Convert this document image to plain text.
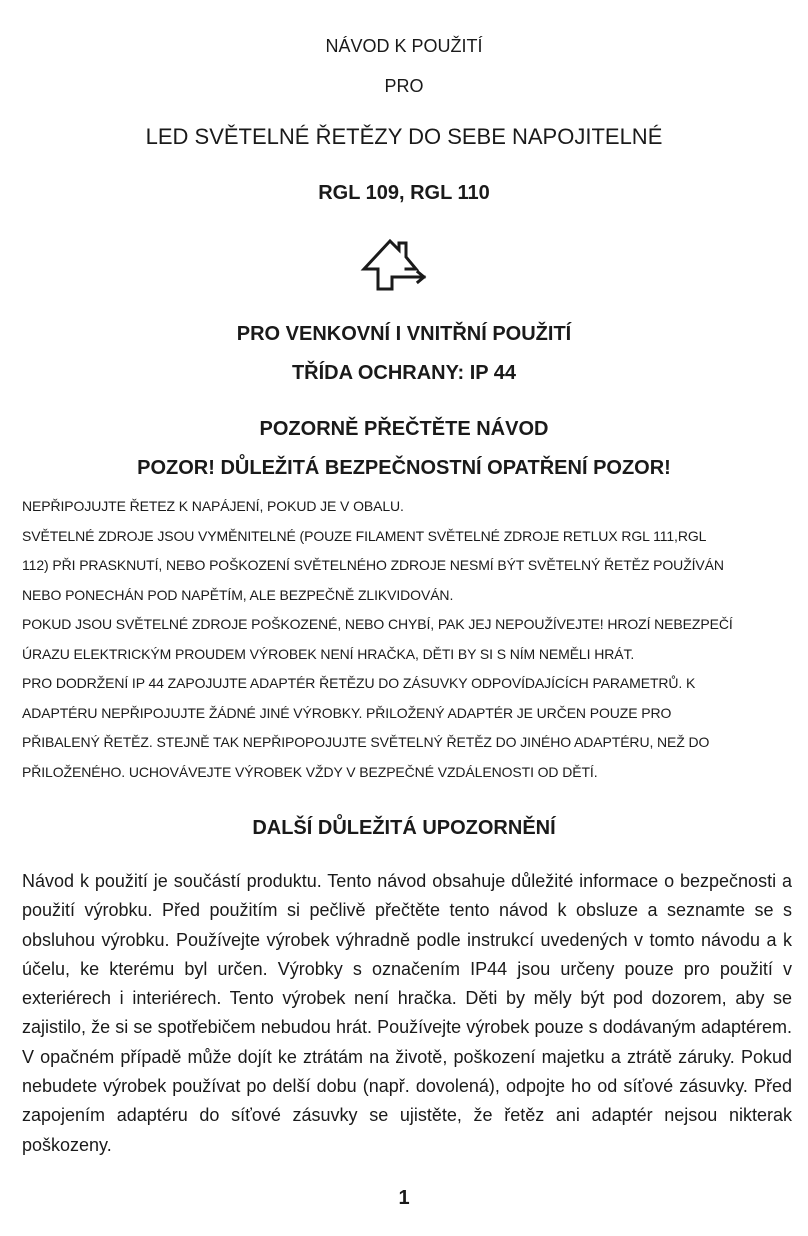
NÁVOD K POUŽITÍ
PRO
LED SVĚTELNÉ ŘETĚZY DO SEBE NAPOJITELNÉ
RGL 109, RGL 110
PRO VENKOVNÍ I VNITŘNÍ POUŽITÍ
TŘÍDA OCHRANY: IP 44
POZORNĚ PŘEČTĚTE NÁVOD
POZOR! DŮLEŽITÁ BEZPEČNOSTNÍ OPATŘENÍ POZOR!

NEPŘIPOJUJTE ŘETEZ K NAPÁJENÍ, POKUD JE V OBALU.

SVĚTELNÉ ZDROJE JSOU VYMĚNITELNÉ (POUZE FILAMENT SVĚTELNÉ ZDROJE RETLUX RGL 111,RGL

112) PŘI PRASKNUTÍ, NEBO POŠKOZENÍ SVĚTELNÉHO ZDROJE NESMÍ BÝT SVĚTELNÝ ŘETĚZ POUŽÍVÁN

NEBO PONECHÁN POD NAPĚTÍM, ALE BEZPEČNĚ ZLIKVIDOVÁN.

POKUD JSOU SVĚTELNÉ ZDROJE POŠKOZENÉ, NEBO CHYBÍ, PAK JEJ NEPOUŽÍVEJTE! HROZÍ NEBEZPEČÍ

ÚRAZU ELEKTRICKÝM PROUDEM VÝROBEK NENÍ HRAČKA, DĚTI BY SI S NÍM NEMĚLI HRÁT.

PRO DODRŽENÍ IP 44 ZAPOJUJTE ADAPTÉR ŘETĚZU DO ZÁSUVKY ODPOVÍDAJÍCÍCH PARAMETRŮ. K

ADAPTÉRU NEPŘIPOJUJTE ŽÁDNÉ JINÉ VÝROBKY. PŘILOŽENÝ ADAPTÉR JE URČEN POUZE PRO

PŘIBALENÝ ŘETĚZ. STEJNĚ TAK NEPŘIPOPOJUJTE SVĚTELNÝ ŘETĚZ DO JINÉHO ADAPTÉRU, NEŽ DO

PŘILOŽENÉHO. UCHOVÁVEJTE VÝROBEK VŽDY V BEZPEČNÉ VZDÁLENOSTI OD DĚTÍ.

DALŠÍ DŮLEŽITÁ UPOZORNĚNÍ
Návod k použití je součástí produktu. Tento návod obsahuje důležité informace o bezpečnosti a použití výrobku. Před použitím si pečlivě přečtěte tento návod k obsluze a seznamte se s obsluhou výrobku. Používejte výrobek výhradně podle instrukcí uvedených v tomto návodu a k účelu, ke kterému byl určen. Výrobky s označením IP44 jsou určeny pouze pro použití v exteriérech i interiérech. Tento výrobek není hračka. Děti by měly být pod dozorem, aby se zajistilo, že si se spotřebičem nebudou hrát. Používejte výrobek pouze s dodávaným adaptérem. V opačném případě může dojít ke ztrátám na životě, poškození majetku a ztrátě záruky. Pokud nebudete výrobek používat po delší dobu (např. dovolená), odpojte ho od síťové zásuvky. Před zapojením adaptéru do síťové zásuvky se ujistěte, že řetěz ani adaptér nejsou nikterak poškozeny.
1
